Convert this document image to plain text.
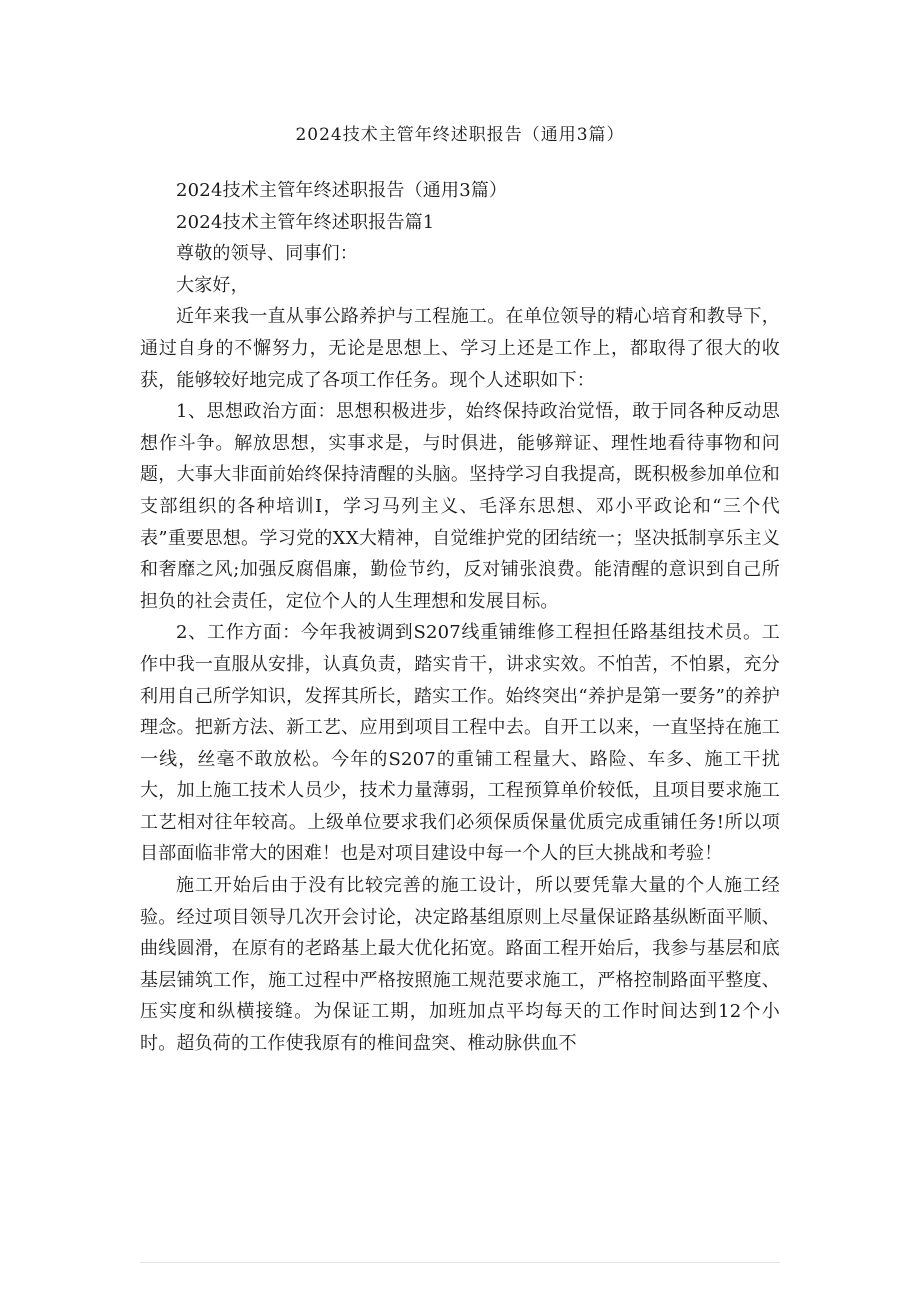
2024技术主管年终述职报告（通用3篇）

2024技术主管年终述职报告（通用3篇）

2024技术主管年终述职报告篇1

尊敬的领导、同事们：

大家好，

近年来我一直从事公路养护与工程施工。在单位领导的精心培育和教导下，通过自身的不懈努力，无论是思想上、学习上还是工作上，都取得了很大的收获，能够较好地完成了各项工作任务。现个人述职如下：

1、思想政治方面：思想积极进步，始终保持政治觉悟，敢于同各种反动思想作斗争。解放思想，实事求是，与时俱进，能够辩证、理性地看待事物和问题，大事大非面前始终保持清醒的头脑。坚持学习自我提高，既积极参加单位和支部组织的各种培训I，学习马列主义、毛泽东思想、邓小平政论和“三个代表”重要思想。学习党的XX大精神，自觉维护党的团结统一；坚决抵制享乐主义和奢靡之风;加强反腐倡廉，勤俭节约，反对铺张浪费。能清醒的意识到自己所担负的社会责任，定位个人的人生理想和发展目标。

2、工作方面：今年我被调到S207线重铺维修工程担任路基组技术员。工作中我一直服从安排，认真负责，踏实肯干，讲求实效。不怕苦，不怕累，充分利用自己所学知识，发挥其所长，踏实工作。始终突出“养护是第一要务”的养护理念。把新方法、新工艺、应用到项目工程中去。自开工以来，一直坚持在施工一线，丝毫不敢放松。今年的S207的重铺工程量大、路险、车多、施工干扰大，加上施工技术人员少，技术力量薄弱，工程预算单价较低，且项目要求施工工艺相对往年较高。上级单位要求我们必须保质保量优质完成重铺任务!所以项目部面临非常大的困难！也是对项目建设中每一个人的巨大挑战和考验！

施工开始后由于没有比较完善的施工设计，所以要凭靠大量的个人施工经验。经过项目领导几次开会讨论，决定路基组原则上尽量保证路基纵断面平顺、曲线圆滑，在原有的老路基上最大优化拓宽。路面工程开始后，我参与基层和底基层铺筑工作，施工过程中严格按照施工规范要求施工，严格控制路面平整度、压实度和纵横接缝。为保证工期，加班加点平均每天的工作时间达到12个小时。超负荷的工作使我原有的椎间盘突、椎动脉供血不
